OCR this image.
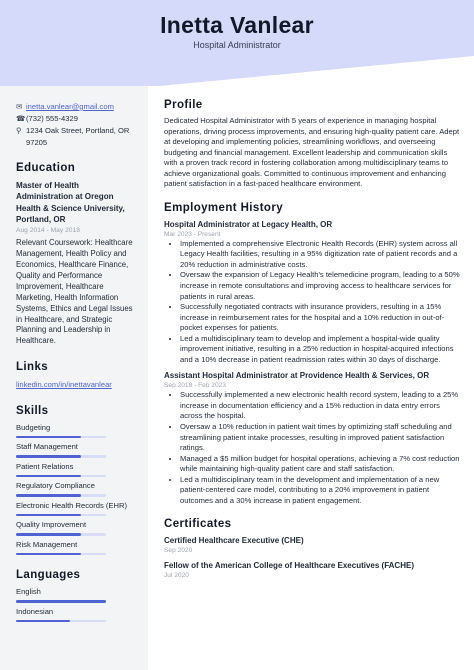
Inetta Vanlear
Hospital Administrator
✉ inetta.vanlear@gmail.com
☎ (732) 555-4329
⚲ 1234 Oak Street, Portland, OR 97205
Education
Master of Health Administration at Oregon Health & Science University, Portland, OR
Aug 2014 - May 2018
Relevant Coursework: Healthcare Management, Health Policy and Economics, Healthcare Finance, Quality and Performance Improvement, Healthcare Marketing, Health Information Systems, Ethics and Legal Issues in Healthcare, and Strategic Planning and Leadership in Healthcare.
Links
linkedin.com/in/inettavanlear
Skills
Budgeting
Staff Management
Patient Relations
Regulatory Compliance
Electronic Health Records (EHR)
Quality Improvement
Risk Management
Languages
English
Indonesian
Profile
Dedicated Hospital Administrator with 5 years of experience in managing hospital operations, driving process improvements, and ensuring high-quality patient care. Adept at developing and implementing policies, streamlining workflows, and overseeing budgeting and financial management. Excellent leadership and communication skills with a proven track record in fostering collaboration among multidisciplinary teams to achieve organizational goals. Committed to continuous improvement and enhancing patient satisfaction in a fast-paced healthcare environment.
Employment History
Hospital Administrator at Legacy Health, OR
Mar 2023 - Present
• Implemented a comprehensive Electronic Health Records (EHR) system across all Legacy Health facilities, resulting in a 95% digitization rate of patient records and a 20% reduction in administrative costs.
• Oversaw the expansion of Legacy Health's telemedicine program, leading to a 50% increase in remote consultations and improving access to healthcare services for patients in rural areas.
• Successfully negotiated contracts with insurance providers, resulting in a 15% increase in reimbursement rates for the hospital and a 10% reduction in out-of-pocket expenses for patients.
• Led a multidisciplinary team to develop and implement a hospital-wide quality improvement initiative, resulting in a 25% reduction in hospital-acquired infections and a 10% decrease in patient readmission rates within 30 days of discharge.
Assistant Hospital Administrator at Providence Health & Services, OR
Sep 2018 - Feb 2023
• Successfully implemented a new electronic health record system, leading to a 25% increase in documentation efficiency and a 15% reduction in data entry errors across the hospital.
• Oversaw a 10% reduction in patient wait times by optimizing staff scheduling and streamlining patient intake processes, resulting in improved patient satisfaction ratings.
• Managed a $5 million budget for hospital operations, achieving a 7% cost reduction while maintaining high-quality patient care and staff satisfaction.
• Led a multidisciplinary team in the development and implementation of a new patient-centered care model, contributing to a 20% improvement in patient outcomes and a 30% increase in patient engagement.
Certificates
Certified Healthcare Executive (CHE)
Sep 2020
Fellow of the American College of Healthcare Executives (FACHE)
Jul 2020
